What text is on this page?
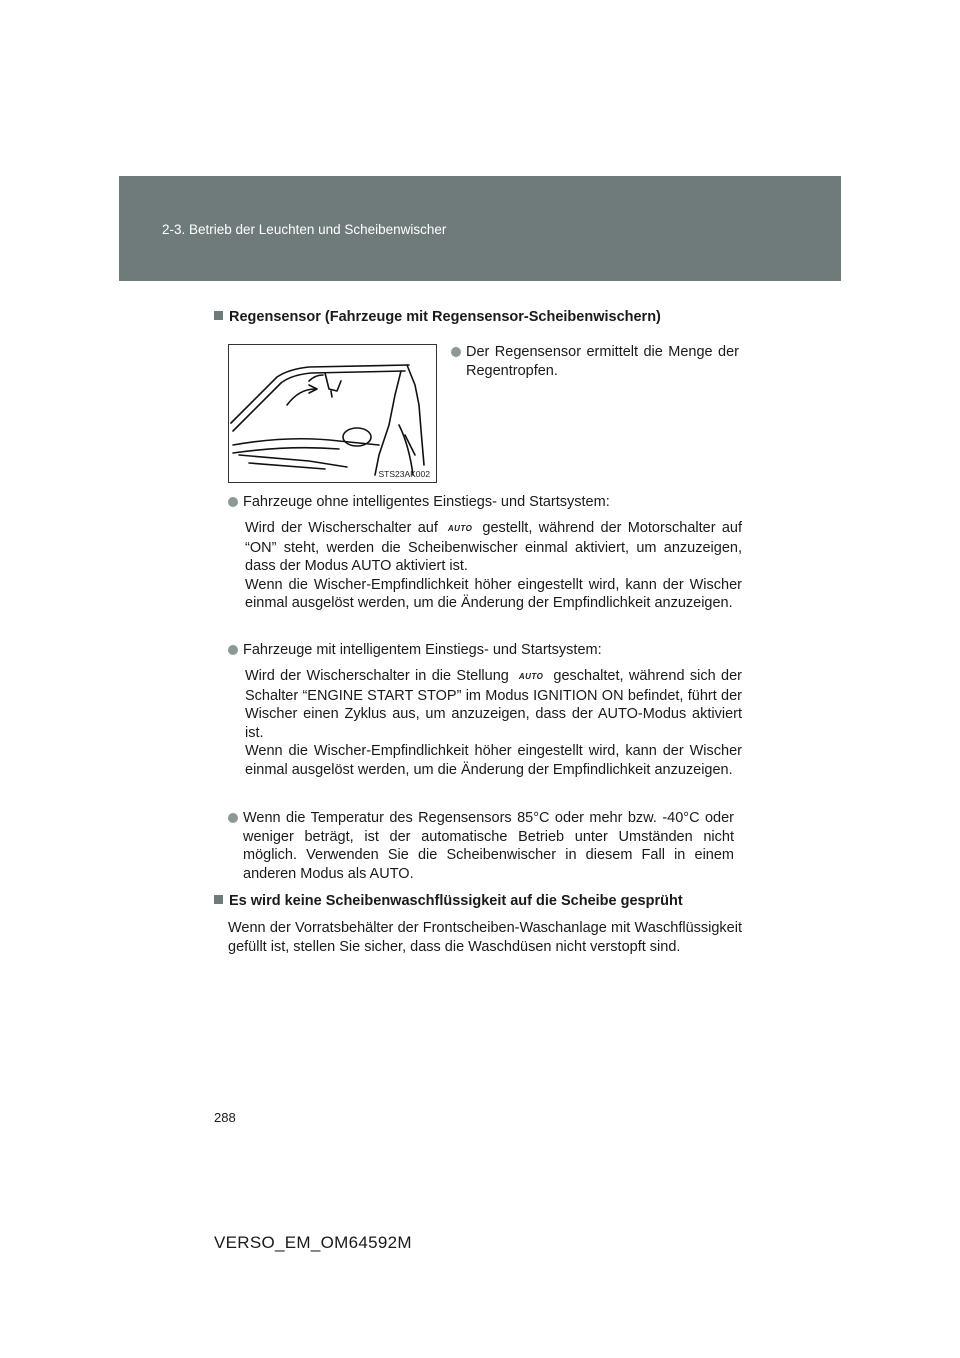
2-3. Betrieb der Leuchten und Scheibenwischer
Regensensor (Fahrzeuge mit Regensensor-Scheibenwischern)
STS23AK002
Der Regensensor ermittelt die Menge der Regentropfen.
Fahrzeuge ohne intelligentes Einstiegs- und Startsystem:
Wird der Wischerschalter auf AUTO gestellt, während der Motorschalter auf “ON” steht, werden die Scheibenwischer einmal aktiviert, um anzuzeigen, dass der Modus AUTO aktiviert ist.
Wenn die Wischer-Empfindlichkeit höher eingestellt wird, kann der Wischer einmal ausgelöst werden, um die Änderung der Empfindlichkeit anzuzeigen.
Fahrzeuge mit intelligentem Einstiegs- und Startsystem:
Wird der Wischerschalter in die Stellung AUTO geschaltet, während sich der Schalter “ENGINE START STOP” im Modus IGNITION ON befindet, führt der Wischer einen Zyklus aus, um anzuzeigen, dass der AUTO-Modus aktiviert ist.
Wenn die Wischer-Empfindlichkeit höher eingestellt wird, kann der Wischer einmal ausgelöst werden, um die Änderung der Empfindlichkeit anzuzeigen.
Wenn die Temperatur des Regensensors 85°C oder mehr bzw. -40°C oder weniger beträgt, ist der automatische Betrieb unter Umständen nicht möglich. Verwenden Sie die Scheibenwischer in diesem Fall in einem anderen Modus als AUTO.
Es wird keine Scheibenwaschflüssigkeit auf die Scheibe gesprüht
Wenn der Vorratsbehälter der Frontscheiben-Waschanlage mit Waschflüssigkeit gefüllt ist, stellen Sie sicher, dass die Waschdüsen nicht verstopft sind.
288
VERSO_EM_OM64592M
